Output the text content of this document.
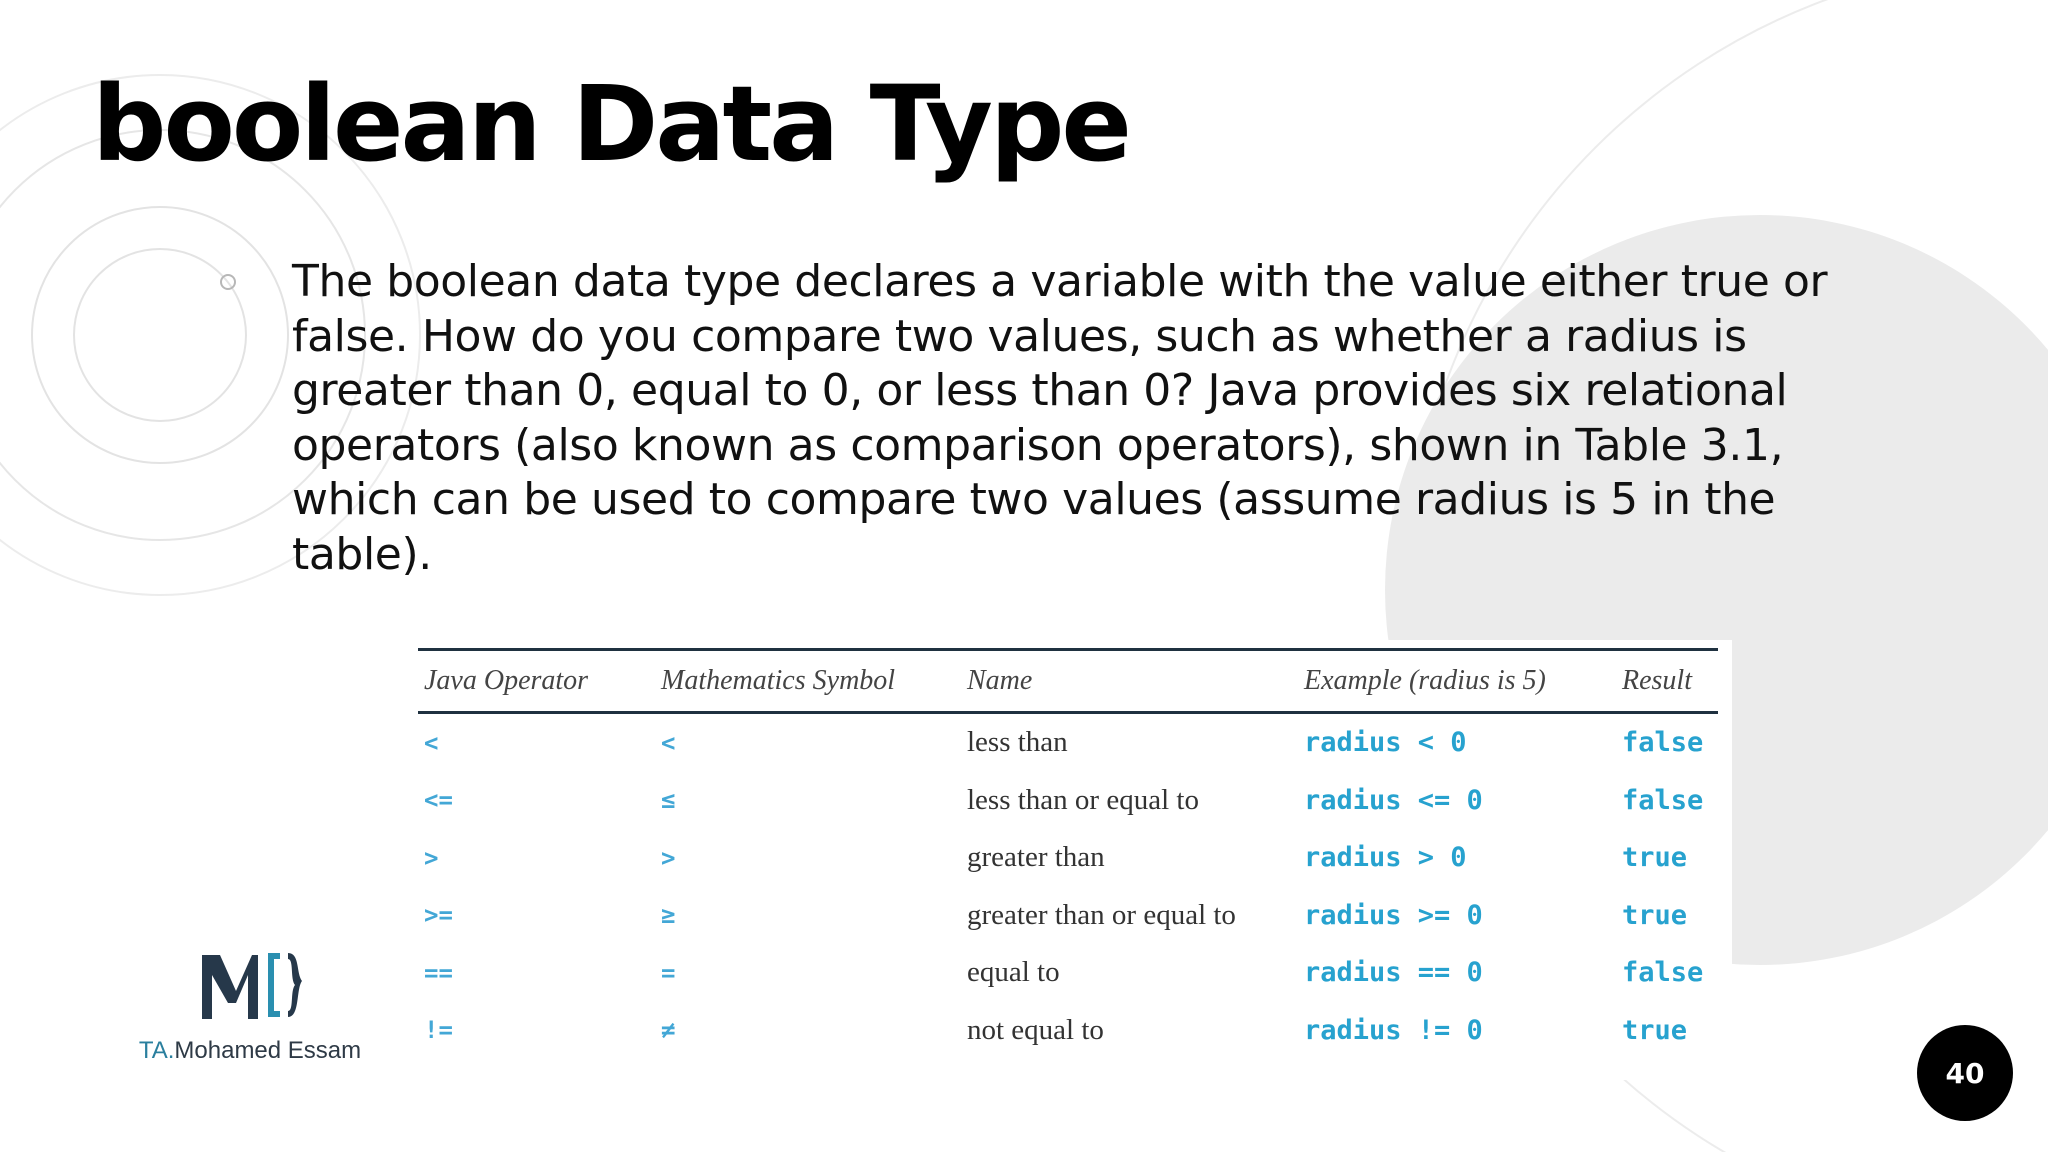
boolean Data Type

The boolean data type declares a variable with the value either true or false. How do you compare two values, such as whether a radius is greater than 0, equal to 0, or less than 0? Java provides six relational operators (also known as comparison operators), shown in Table 3.1, which can be used to compare two values (assume radius is 5 in the table).

Java Operator	Mathematics Symbol	Name	Example (radius is 5)	Result
<	<	less than	radius < 0	false
<=	≤	less than or equal to	radius <= 0	false
>	>	greater than	radius > 0	true
>=	≥	greater than or equal to	radius >= 0	true
==	=	equal to	radius == 0	false
!=	≠	not equal to	radius != 0	true
TA.Mohamed Essam
40
